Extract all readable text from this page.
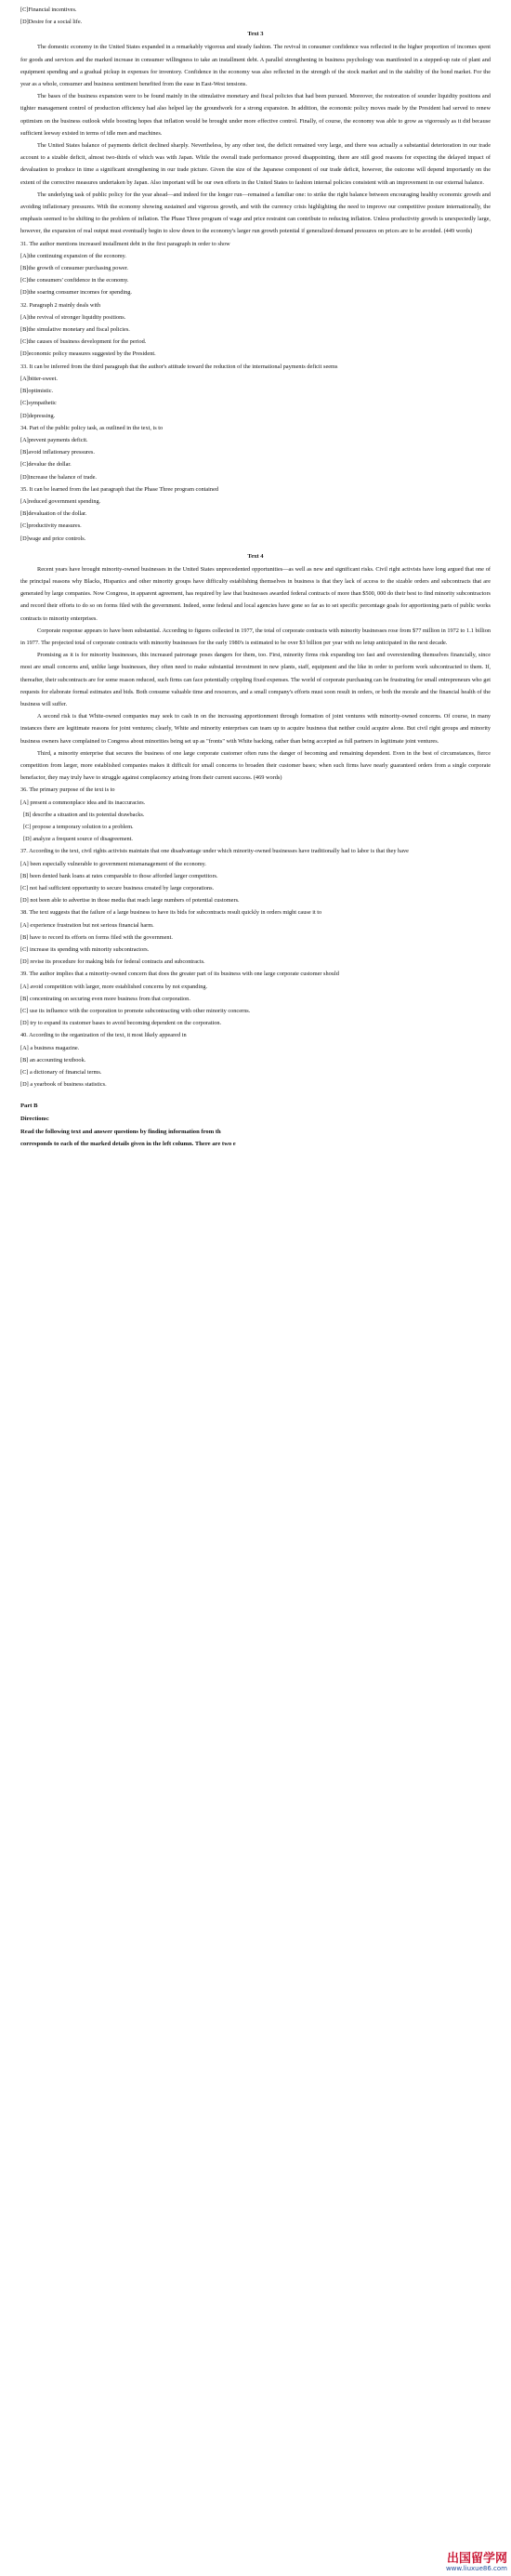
[C]Financial incentives.

[D]Desire for a social life.

Text 3

The domestic economy in the United States expanded in a remarkably vigorous and steady fashion. The revival in consumer confidence was reflected in the higher proportion of incomes spent for goods and services and the marked increase in consumer willingness to take an installment debt. A parallel strengthening in business psychology was manifested in a stepped-up rate of plant and equipment spending and a gradual pickup in expenses for inventory. Confidence in the economy was also reflected in the strength of the stock market and in the stability of the bond market. For the year as a whole, consumer and business sentiment benefited from the ease in East-West tensions.

The bases of the business expansion were to be found mainly in the stimulative monetary and fiscal policies that had been pursued. Moreover, the restoration of sounder liquidity positions and tighter management control of production efficiency had also helped lay the groundwork for a strong expansion. In addition, the economic policy moves made by the President had served to renew optimism on the business outlook while boosting hopes that inflation would be brought under more effective control. Finally, of course, the economy was able to grow as vigorously as it did because sufficient leeway existed in terms of idle men and machines.

The United States balance of payments deficit declined sharply. Nevertheless, by any other test, the deficit remained very large, and there was actually a substantial deterioration in our trade account to a sizable deficit, almost two-thirds of which was with Japan. While the overall trade performance proved disappointing, there are still good reasons for expecting the delayed impact of devaluation to produce in time a significant strengthening in our trade picture. Given the size of the Japanese component of our trade deficit, however, the outcome will depend importantly on the extent of the corrective measures undertaken by Japan. Also important will be our own efforts in the United States to fashion internal policies consistent with an improvement in our external balance.

The underlying task of public policy for the year ahead—and indeed for the longer run—remained a familiar one: to strike the right balance between encouraging healthy economic growth and avoiding inflationary pressures. With the economy showing sustained and vigorous growth, and with the currency crisis highlighting the need to improve our competitive posture internationally, the emphasis seemed to be shifting to the problem of inflation. The Phase Three program of wage and price restraint can contribute to reducing inflation. Unless productivity growth is unexpectedly large, however, the expansion of real output must eventually begin to slow down to the economy's larger run growth potential if generalized demand pressures on prices are to be avoided. (449 words)

31. The author mentions increased installment debt in the first paragraph in order to show

[A]the continuing expansion of the economy.

[B]the growth of consumer purchasing power.

[C]the consumers' confidence in the economy.

[D]the soaring consumer incomes for spending.

32. Paragraph 2 mainly deals with

[A]the revival of stronger liquidity positions.

[B]the simulative monetary and fiscal policies.

[C]the causes of business development for the period.

[D]economic policy measures suggested by the President.

33. It can be inferred from the third paragraph that the author's attitude toward the reduction of the international payments deficit seems

[A]bitter-sweet.

[B]optimistic.

[C]sympathetic

[D]depressing.

34. Part of the public policy task, as outlined in the text, is to

[A]prevent payments deficit.

[B]avoid inflationary pressures.

[C]devalue the dollar.

[D]increase the balance of trade.

35. It can be learned from the last paragraph that the Phase Three program contained

[A]reduced government spending.

[B]devaluation of the dollar.

[C]productivity measures.

[D]wage and price controls.

Text 4

Recent years have brought minority-owned businesses in the United States unprecedented opportunities—as well as new and significant risks. Civil right activists have long argued that one of the principal reasons why Blacks, Hispanics and other minority groups have difficulty establishing themselves in business is that they lack of access to the sizable orders and subcontracts that are generated by large companies. Now Congress, in apparent agreement, has required by law that businesses awarded federal contracts of more than $500, 000 do their best to find minority subcontractors and record their efforts to do so on forms filed with the government. Indeed, some federal and local agencies have gone so far as to set specific percentage goals for apportioning parts of public works contracts to minority enterprises.

Corporate response appears to have been substantial. According to figures collected in 1977, the total of corporate contracts with minority businesses rose from $77 million in 1972 to 1.1 billion in 1977. The projected total of corporate contracts with minority businesses for the early 1980's is estimated to be over $3 billion per year with no letup anticipated in the next decade.

Promising as it is for minority businesses, this increased patronage poses dangers for them, too. First, minority firms risk expanding too fast and overextending themselves financially, since most are small concerns and, unlike large businesses, they often need to make substantial investment in new plants, staff, equipment and the like in order to perform work subcontracted to them. If, thereafter, their subcontracts are for some reason reduced, such firms can face potentially crippling fixed expenses. The world of corporate purchasing can be frustrating for small entrepreneurs who get requests for elaborate formal estimates and bids. Both consume valuable time and resources, and a small company's efforts must soon result in orders, or both the morale and the financial health of the business will suffer.

A second risk is that White-owned companies may seek to cash in on the increasing apportionment through formation of joint ventures with minority-owned concerns. Of course, in many instances there are legitimate reasons for joint ventures; clearly, White and minority enterprises can team up to acquire business that neither could acquire alone. But civil right groups and minority business owners have complained to Congress about minorities being set up as "fronts" with White backing, rather than being accepted as full partners in legitimate joint ventures.

Third, a minority enterprise that secures the business of one large corporate customer often runs the danger of becoming and remaining dependent. Even in the best of circumstances, fierce competition from larger, more established companies makes it difficult for small concerns to broaden their customer bases; when such firms have nearly guaranteed orders from a single corporate benefactor, they may truly have to struggle against complacency arising from their current success. (469 words)

36. The primary purpose of the text is to

[A] present a commonplace idea and its inaccuracies.

[B] describe a situation and its potential drawbacks.

[C] propose a temporary solution to a problem.

[D] analyze a frequent source of disagreement.

37. According to the text, civil rights activists maintain that one disadvantage under which minority-owned businesses have traditionally had to labor is that they have

[A] been especially vulnerable to government mismanagement of the economy.

[B] been denied bank loans at rates comparable to those afforded larger competitors.

[C] not had sufficient opportunity to secure business created by large corporations.

[D] not been able to advertise in those media that reach large numbers of potential customers.

38. The text suggests that the failure of a large business to have its bids for subcontracts result quickly in orders might cause it to

[A] experience frustration but not serious financial harm.

[B] have to record its efforts on forms filed with the government.

[C] increase its spending with minority subcontractors.

[D] revise its procedure for making bids for federal contracts and subcontracts.

39. The author implies that a minority-owned concern that does the greater part of its business with one large corporate customer should

[A] avoid competition with larger, more established concerns by not expanding.

[B] concentrating on securing even more business from that corporation.

[C] use its influence with the corporation to promote subcontracting with other minority concerns.

[D] try to expand its customer bases to avoid becoming dependent on the corporation.

40. According to the organization of the text, it most likely appeared in

[A] a business magazine.

[B] an accounting textbook.

[C] a dictionary of financial terms.

[D] a yearbook of business statistics.

Part B

Directions:

Read the following text and answer questions by finding information from th

corresponds to each of the marked details given in the left column. There are two e

出国留学网
www.liuxue86.com
